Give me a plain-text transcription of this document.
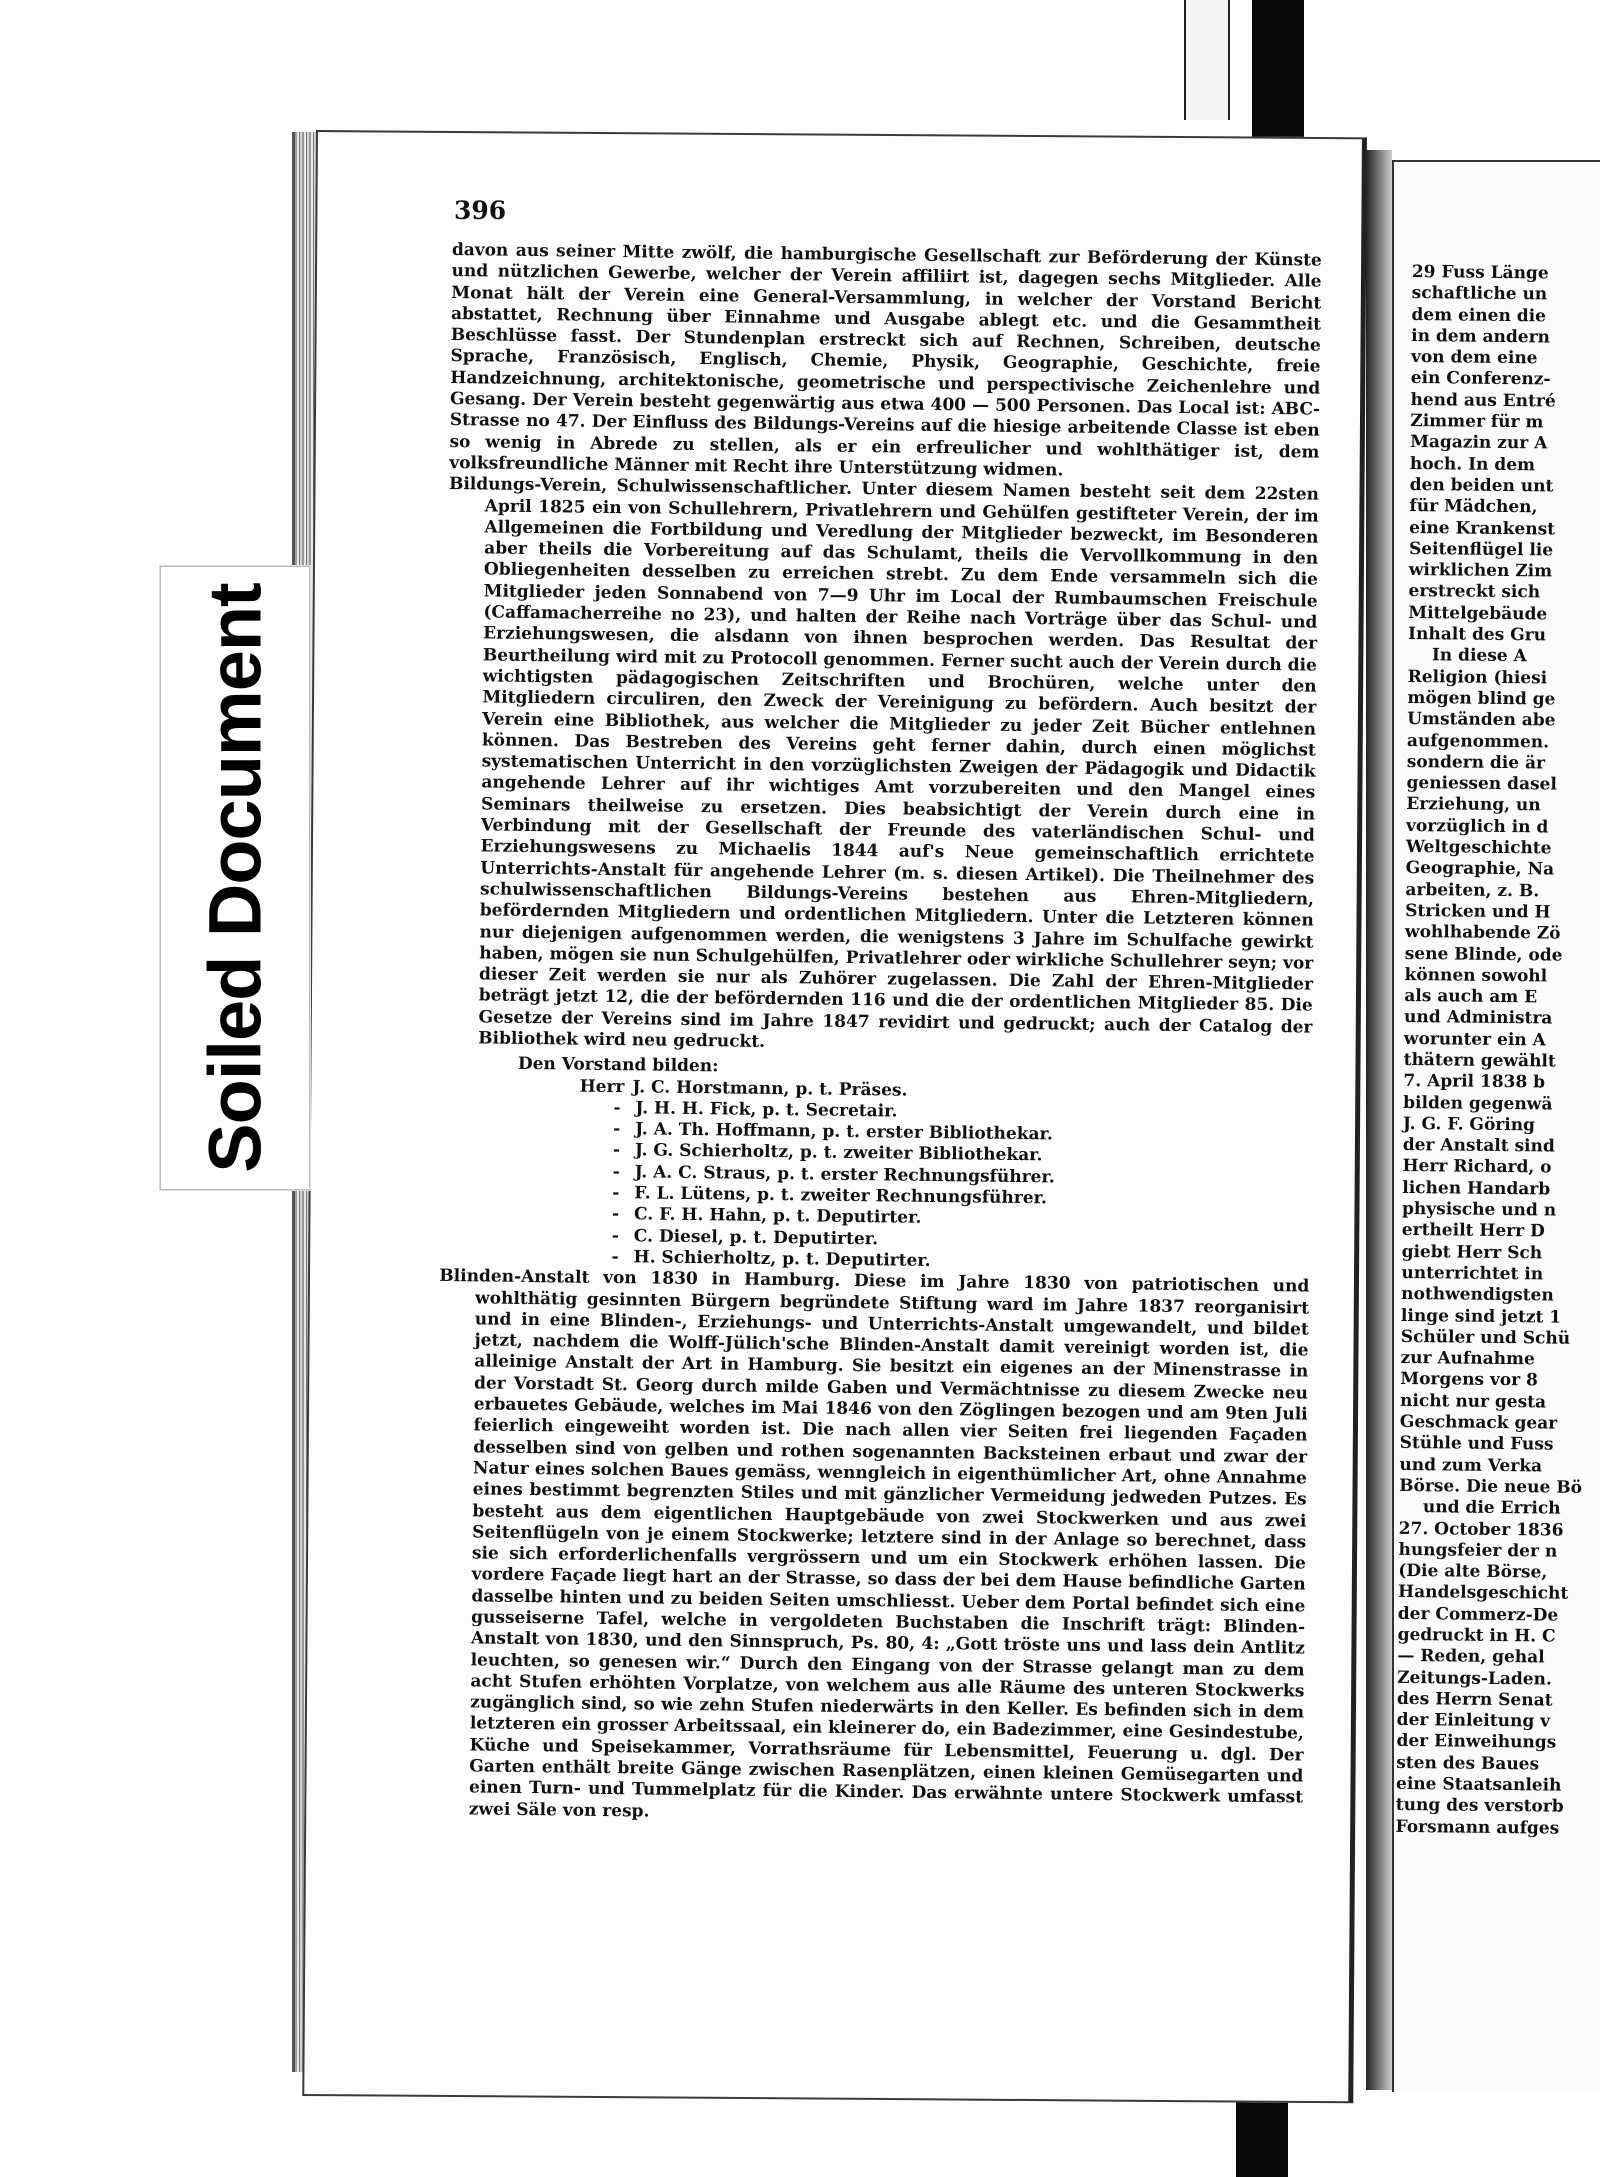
29 Fuss Länge
schaftliche un
dem einen die
in dem andern
von dem eine
ein Conferenz-
hend aus Entré
Zimmer für m
Magazin zur A
hoch. In dem
den beiden unt
für Mädchen,
eine Krankenst
Seitenflügel lie
wirklichen Zim
erstreckt sich
Mittelgebäude
Inhalt des Gru
In diese A
Religion (hiesi
mögen blind ge
Umständen abe
aufgenommen.
sondern die är
geniessen dasel
Erziehung, un
vorzüglich in d
Weltgeschichte
Geographie, Na
arbeiten, z. B.
Stricken und H
wohlhabende Zö
sene Blinde, ode
können sowohl
als auch am E
und Administra
worunter ein A
thätern gewählt
7. April 1838 b
bilden gegenwä
J. G. F. Göring
der Anstalt sind
Herr Richard, o
lichen Handarb
physische und n
ertheilt Herr D
giebt Herr Sch
unterrichtet in
nothwendigsten
linge sind jetzt 1
Schüler und Schü
zur Aufnahme
Morgens vor 8
nicht nur gesta
Geschmack gear
Stühle und Fuss
und zum Verka
Börse. Die neue Bö
und die Errich
27. October 1836
hungsfeier der n
(Die alte Börse,
Handelsgeschicht
der Commerz-De
gedruckt in H. C
— Reden, gehal
Zeitungs-Laden.
des Herrn Senat
der Einleitung v
der Einweihungs
sten des Baues
eine Staatsanleih
tung des verstorb
Forsmann aufges
396

davon aus seiner Mitte zwölf, die hamburgische Gesellschaft zur Beförderung der Künste und nützlichen Gewerbe, welcher der Verein affiliirt ist, dagegen sechs Mitglieder. Alle Monat hält der Verein eine General-Versammlung, in welcher der Vorstand Bericht abstattet, Rechnung über Einnahme und Ausgabe ablegt etc. und die Gesammtheit Beschlüsse fasst. Der Stundenplan erstreckt sich auf Rechnen, Schreiben, deutsche Sprache, Französisch, Englisch, Chemie, Physik, Geographie, Geschichte, freie Handzeichnung, architektonische, geometrische und perspectivische Zeichenlehre und Gesang. Der Verein besteht gegenwärtig aus etwa 400 — 500 Personen. Das Local ist: ABC-Strasse no 47. Der Einfluss des Bildungs-Vereins auf die hiesige arbeitende Classe ist eben so wenig in Abrede zu stellen, als er ein erfreulicher und wohlthätiger ist, dem volksfreundliche Männer mit Recht ihre Unterstützung widmen.

Bildungs-Verein, Schulwissenschaftlicher. Unter diesem Namen besteht seit dem 22sten April 1825 ein von Schullehrern, Privatlehrern und Gehülfen gestifteter Verein, der im Allgemeinen die Fortbildung und Veredlung der Mitglieder bezweckt, im Besonderen aber theils die Vorbereitung auf das Schulamt, theils die Vervollkommung in den Obliegenheiten desselben zu erreichen strebt. Zu dem Ende versammeln sich die Mitglieder jeden Sonnabend von 7—9 Uhr im Local der Rumbaumschen Freischule (Caffamacherreihe no 23), und halten der Reihe nach Vorträge über das Schul- und Erziehungswesen, die alsdann von ihnen besprochen werden. Das Resultat der Beurtheilung wird mit zu Protocoll genommen. Ferner sucht auch der Verein durch die wichtigsten pädagogischen Zeitschriften und Brochüren, welche unter den Mitgliedern circuliren, den Zweck der Vereinigung zu befördern. Auch besitzt der Verein eine Bibliothek, aus welcher die Mitglieder zu jeder Zeit Bücher entlehnen können. Das Bestreben des Vereins geht ferner dahin, durch einen möglichst systematischen Unterricht in den vorzüglichsten Zweigen der Pädagogik und Didactik angehende Lehrer auf ihr wichtiges Amt vorzubereiten und den Mangel eines Seminars theilweise zu ersetzen. Dies beabsichtigt der Verein durch eine in Verbindung mit der Gesellschaft der Freunde des vaterländischen Schul- und Erziehungswesens zu Michaelis 1844 auf's Neue gemeinschaftlich errichtete Unterrichts-Anstalt für angehende Lehrer (m. s. diesen Artikel). Die Theilnehmer des schulwissenschaftlichen Bildungs-Vereins bestehen aus Ehren-Mitgliedern, befördernden Mitgliedern und ordentlichen Mitgliedern. Unter die Letzteren können nur diejenigen aufgenommen werden, die wenigstens 3 Jahre im Schulfache gewirkt haben, mögen sie nun Schulgehülfen, Privatlehrer oder wirkliche Schullehrer seyn; vor dieser Zeit werden sie nur als Zuhörer zugelassen. Die Zahl der Ehren-Mitglieder beträgt jetzt 12, die der befördernden 116 und die der ordentlichen Mitglieder 85. Die Gesetze der Vereins sind im Jahre 1847 revidirt und gedruckt; auch der Catalog der Bibliothek wird neu gedruckt.

Den Vorstand bilden:
Herr J. C. Horstmann, p. t. Präses.
- J. H. H. Fick, p. t. Secretair.
- J. A. Th. Hoffmann, p. t. erster Bibliothekar.
- J. G. Schierholtz, p. t. zweiter Bibliothekar.
- J. A. C. Straus, p. t. erster Rechnungsführer.
- F. L. Lütens, p. t. zweiter Rechnungsführer.
- C. F. H. Hahn, p. t. Deputirter.
- C. Diesel, p. t. Deputirter.
- H. Schierholtz, p. t. Deputirter.

Blinden-Anstalt von 1830 in Hamburg. Diese im Jahre 1830 von patriotischen und wohlthätig gesinnten Bürgern begründete Stiftung ward im Jahre 1837 reorganisirt und in eine Blinden-, Erziehungs- und Unterrichts-Anstalt umgewandelt, und bildet jetzt, nachdem die Wolff-Jülich'sche Blinden-Anstalt damit vereinigt worden ist, die alleinige Anstalt der Art in Hamburg. Sie besitzt ein eigenes an der Minenstrasse in der Vorstadt St. Georg durch milde Gaben und Vermächtnisse zu diesem Zwecke neu erbauetes Gebäude, welches im Mai 1846 von den Zöglingen bezogen und am 9ten Juli feierlich eingeweiht worden ist. Die nach allen vier Seiten frei liegenden Façaden desselben sind von gelben und rothen sogenannten Backsteinen erbaut und zwar der Natur eines solchen Baues gemäss, wenngleich in eigenthümlicher Art, ohne Annahme eines bestimmt begrenzten Stiles und mit gänzlicher Vermeidung jedweden Putzes. Es besteht aus dem eigentlichen Hauptgebäude von zwei Stockwerken und aus zwei Seitenflügeln von je einem Stockwerke; letztere sind in der Anlage so berechnet, dass sie sich erforderlichenfalls vergrössern und um ein Stockwerk erhöhen lassen. Die vordere Façade liegt hart an der Strasse, so dass der bei dem Hause befindliche Garten dasselbe hinten und zu beiden Seiten umschliesst. Ueber dem Portal befindet sich eine gusseiserne Tafel, welche in vergoldeten Buchstaben die Inschrift trägt: Blinden-Anstalt von 1830, und den Sinnspruch, Ps. 80, 4: „Gott tröste uns und lass dein Antlitz leuchten, so genesen wir.“ Durch den Eingang von der Strasse gelangt man zu dem acht Stufen erhöhten Vorplatze, von welchem aus alle Räume des unteren Stockwerks zugänglich sind, so wie zehn Stufen niederwärts in den Keller. Es befinden sich in dem letzteren ein grosser Arbeitssaal, ein kleinerer do, ein Badezimmer, eine Gesindestube, Küche und Speisekammer, Vorrathsräume für Lebensmittel, Feuerung u. dgl. Der Garten enthält breite Gänge zwischen Rasenplätzen, einen kleinen Gemüsegarten und einen Turn- und Tummelplatz für die Kinder. Das erwähnte untere Stockwerk umfasst zwei Säle von resp.

Soiled Document
